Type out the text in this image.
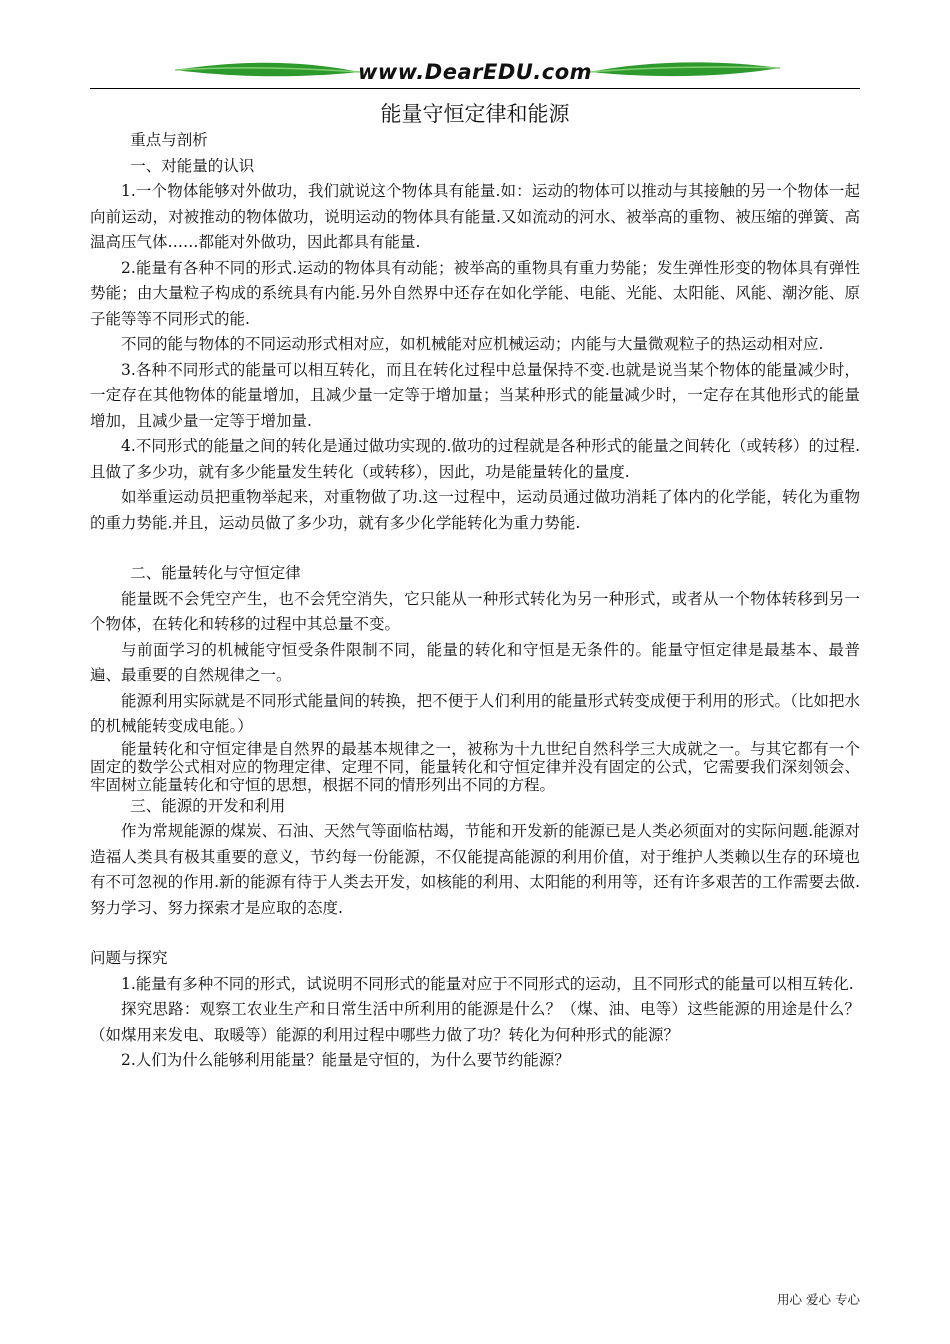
www.DearEDU.com
能量守恒定律和能源

重点与剖析

一、对能量的认识

1.一个物体能够对外做功，我们就说这个物体具有能量.如：运动的物体可以推动与其接触的另一个物体一起向前运动，对被推动的物体做功，说明运动的物体具有能量.又如流动的河水、被举高的重物、被压缩的弹簧、高温高压气体……都能对外做功，因此都具有能量.

2.能量有各种不同的形式.运动的物体具有动能；被举高的重物具有重力势能；发生弹性形变的物体具有弹性势能；由大量粒子构成的系统具有内能.另外自然界中还存在如化学能、电能、光能、太阳能、风能、潮汐能、原子能等等不同形式的能.

不同的能与物体的不同运动形式相对应，如机械能对应机械运动；内能与大量微观粒子的热运动相对应.

3.各种不同形式的能量可以相互转化，而且在转化过程中总量保持不变.也就是说当某个物体的能量减少时，一定存在其他物体的能量增加，且减少量一定等于增加量；当某种形式的能量减少时，一定存在其他形式的能量增加，且减少量一定等于增加量.

4.不同形式的能量之间的转化是通过做功实现的.做功的过程就是各种形式的能量之间转化（或转移）的过程.且做了多少功，就有多少能量发生转化（或转移），因此，功是能量转化的量度.

如举重运动员把重物举起来，对重物做了功.这一过程中，运动员通过做功消耗了体内的化学能，转化为重物的重力势能.并且，运动员做了多少功，就有多少化学能转化为重力势能.

二、能量转化与守恒定律

能量既不会凭空产生，也不会凭空消失，它只能从一种形式转化为另一种形式，或者从一个物体转移到另一个物体，在转化和转移的过程中其总量不变。

与前面学习的机械能守恒受条件限制不同，能量的转化和守恒是无条件的。能量守恒定律是最基本、最普遍、最重要的自然规律之一。

能源利用实际就是不同形式能量间的转换，把不便于人们利用的能量形式转变成便于利用的形式。（比如把水的机械能转变成电能。）

能量转化和守恒定律是自然界的最基本规律之一，被称为十九世纪自然科学三大成就之一。与其它都有一个固定的数学公式相对应的物理定律、定理不同，能量转化和守恒定律并没有固定的公式，它需要我们深刻领会、牢固树立能量转化和守恒的思想，根据不同的情形列出不同的方程。

三、能源的开发和利用

作为常规能源的煤炭、石油、天然气等面临枯竭，节能和开发新的能源已是人类必须面对的实际问题.能源对造福人类具有极其重要的意义，节约每一份能源，不仅能提高能源的利用价值，对于维护人类赖以生存的环境也有不可忽视的作用.新的能源有待于人类去开发，如核能的利用、太阳能的利用等，还有许多艰苦的工作需要去做.努力学习、努力探索才是应取的态度.

问题与探究

1.能量有多种不同的形式，试说明不同形式的能量对应于不同形式的运动，且不同形式的能量可以相互转化.

探究思路：观察工农业生产和日常生活中所利用的能源是什么？（煤、油、电等）这些能源的用途是什么？（如煤用来发电、取暖等）能源的利用过程中哪些力做了功？转化为何种形式的能源？

2.人们为什么能够利用能量？能量是守恒的，为什么要节约能源？

用心 爱心 专心
